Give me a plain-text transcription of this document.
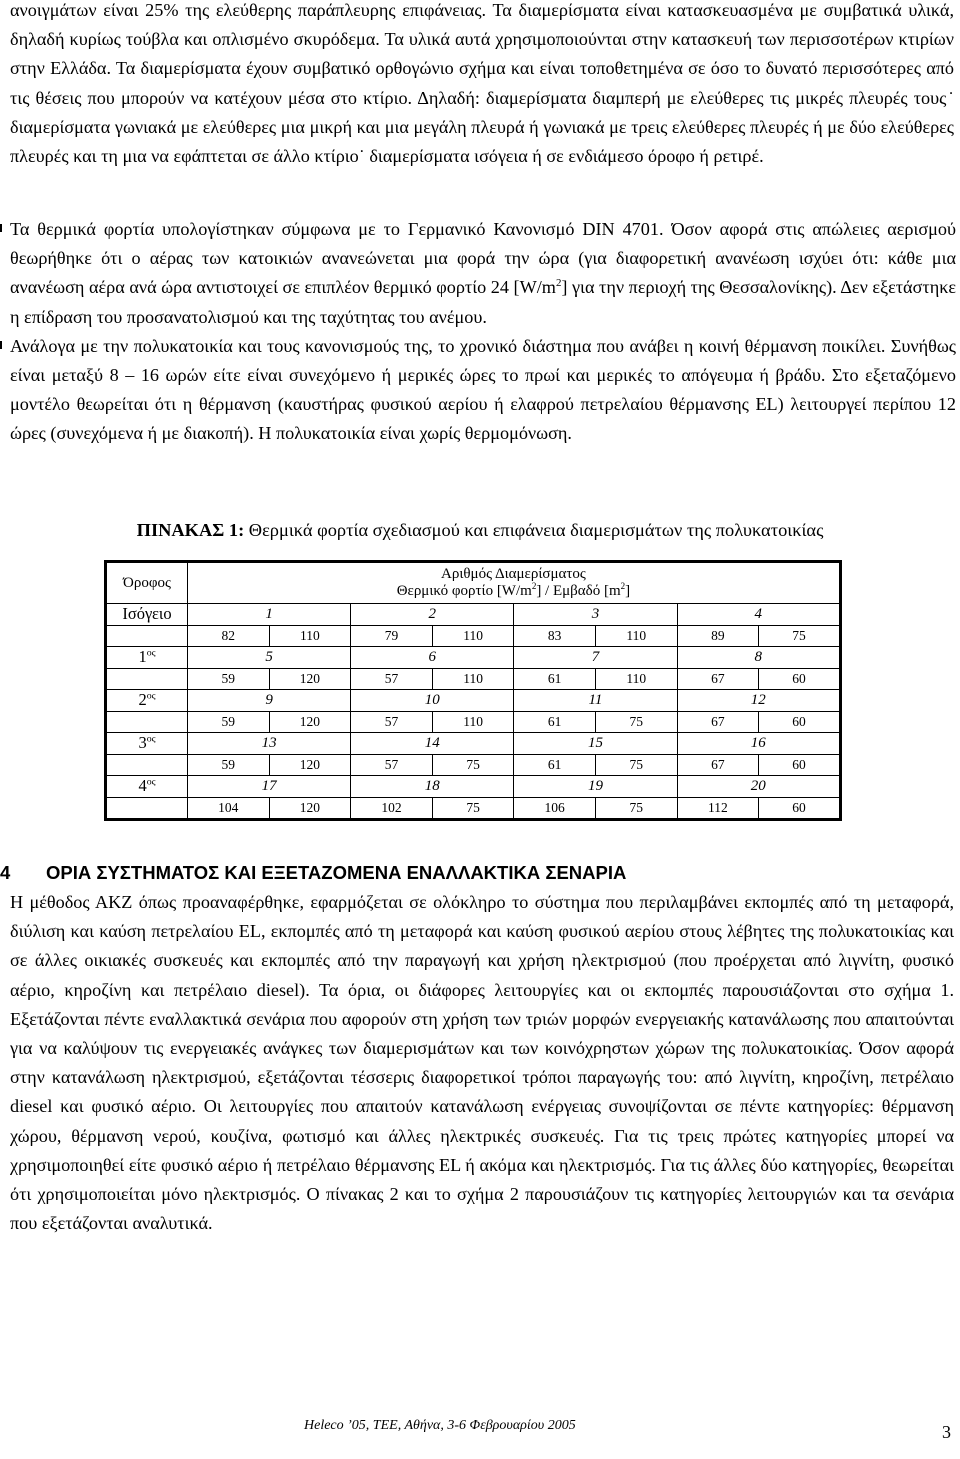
ανοιγμάτων είναι 25% της ελεύθερης παράπλευρης επιφάνειας. Τα διαμερίσματα είναι κατασκευασμένα με συμβατικά υλικά, δηλαδή κυρίως τούβλα και οπλισμένο σκυρόδεμα. Τα υλικά αυτά χρησιμοποιούνται στην κατασκευή των περισσοτέρων κτιρίων στην Ελλάδα. Τα διαμερίσματα έχουν συμβατικό ορθογώνιο σχήμα και είναι τοποθετημένα σε όσο το δυνατό περισσότερες από τις θέσεις που μπορούν να κατέχουν μέσα στο κτίριο. Δηλαδή: διαμερίσματα διαμπερή με ελεύθερες τις μικρές πλευρές τους˙ διαμερίσματα γωνιακά με ελεύθερες μια μικρή και μια μεγάλη πλευρά ή γωνιακά με τρεις ελεύθερες πλευρές ή με δύο ελεύθερες πλευρές και τη μια να εφάπτεται σε άλλο κτίριο˙ διαμερίσματα ισόγεια ή σε ενδιάμεσο όροφο ή ρετιρέ.

Τα θερμικά φορτία υπολογίστηκαν σύμφωνα με το Γερμανικό Κανονισμό DIN 4701. Όσον αφορά στις απώλειες αερισμού θεωρήθηκε ότι ο αέρας των κατοικιών ανανεώνεται μια φορά την ώρα (για διαφορετική ανανέωση ισχύει ότι: κάθε μια ανανέωση αέρα ανά ώρα αντιστοιχεί σε επιπλέον θερμικό φορτίο 24 $[W/m^2]$ για την περιοχή της Θεσσαλονίκης). Δεν εξετάστηκε η επίδραση του προσανατολισμού και της ταχύτητας του ανέμου.

Ανάλογα με την πολυκατοικία και τους κανονισμούς της, το χρονικό διάστημα που ανάβει η κοινή θέρμανση ποικίλει. Συνήθως είναι μεταξύ 8 – 16 ωρών είτε είναι συνεχόμενο ή μερικές ώρες το πρωί και μερικές το απόγευμα ή βράδυ. Στο εξεταζόμενο μοντέλο θεωρείται ότι η θέρμανση (καυστήρας φυσικού αερίου ή ελαφρού πετρελαίου θέρμανσης EL) λειτουργεί περίπου 12 ώρες (συνεχόμενα ή με διακοπή). Η πολυκατοικία είναι χωρίς θερμομόνωση.

ΠΙΝΑΚΑΣ 1: Θερμικά φορτία σχεδιασμού και επιφάνεια διαμερισμάτων της πολυκατοικίας

Όροφος	Αριθμός Διαμερίσματος
Θερμικό φορτίο $[W/m^2]$ / Εμβαδό $[m^2]$							

Ισόγειο	1		2		3		4	
	82	110	79	110	83	110	89	75
$1^{o\varsigma}$	5		6		7		8	
	59	120	57	110	61	110	67	60
$2^{o\varsigma}$	9		10		11		12	
	59	120	57	110	61	75	67	60
$3^{o\varsigma}$	13		14		15		16	
	59	120	57	75	61	75	67	60
$4^{o\varsigma}$	17		18		19		20	
	104	120	102	75	106	75	112	60
4 ΟΡΙΑ ΣΥΣΤΗΜΑΤΟΣ ΚΑΙ ΕΞΕΤΑΖΟΜΕΝΑ ΕΝΑΛΛΑΚΤΙΚΑ ΣΕΝΑΡΙΑ

Η μέθοδος ΑΚΖ όπως προαναφέρθηκε, εφαρμόζεται σε ολόκληρο το σύστημα που περιλαμβάνει εκπομπές από τη μεταφορά, διύλιση και καύση πετρελαίου EL, εκπομπές από τη μεταφορά και καύση φυσικού αερίου στους λέβητες της πολυκατοικίας και σε άλλες οικιακές συσκευές και εκπομπές από την παραγωγή και χρήση ηλεκτρισμού (που προέρχεται από λιγνίτη, φυσικό αέριο, κηροζίνη και πετρέλαιο diesel). Τα όρια, οι διάφορες λειτουργίες και οι εκπομπές παρουσιάζονται στο σχήμα 1. Εξετάζονται πέντε εναλλακτικά σενάρια που αφορούν στη χρήση των τριών μορφών ενεργειακής κατανάλωσης που απαιτούνται για να καλύψουν τις ενεργειακές ανάγκες των διαμερισμάτων και των κοινόχρηστων χώρων της πολυκατοικίας. Όσον αφορά στην κατανάλωση ηλεκτρισμού, εξετάζονται τέσσερις διαφορετικοί τρόποι παραγωγής του: από λιγνίτη, κηροζίνη, πετρέλαιο diesel και φυσικό αέριο. Οι λειτουργίες που απαιτούν κατανάλωση ενέργειας συνοψίζονται σε πέντε κατηγορίες: θέρμανση χώρου, θέρμανση νερού, κουζίνα, φωτισμό και άλλες ηλεκτρικές συσκευές. Για τις τρεις πρώτες κατηγορίες μπορεί να χρησιμοποιηθεί είτε φυσικό αέριο ή πετρέλαιο θέρμανσης EL ή ακόμα και ηλεκτρισμός. Για τις άλλες δύο κατηγορίες, θεωρείται ότι χρησιμοποιείται μόνο ηλεκτρισμός. Ο πίνακας 2 και το σχήμα 2 παρουσιάζουν τις κατηγορίες λειτουργιών και τα σενάρια που εξετάζονται αναλυτικά.

Heleco ’05, ΤΕΕ, Αθήνα, 3-6 Φεβρουαρίου 2005	3
